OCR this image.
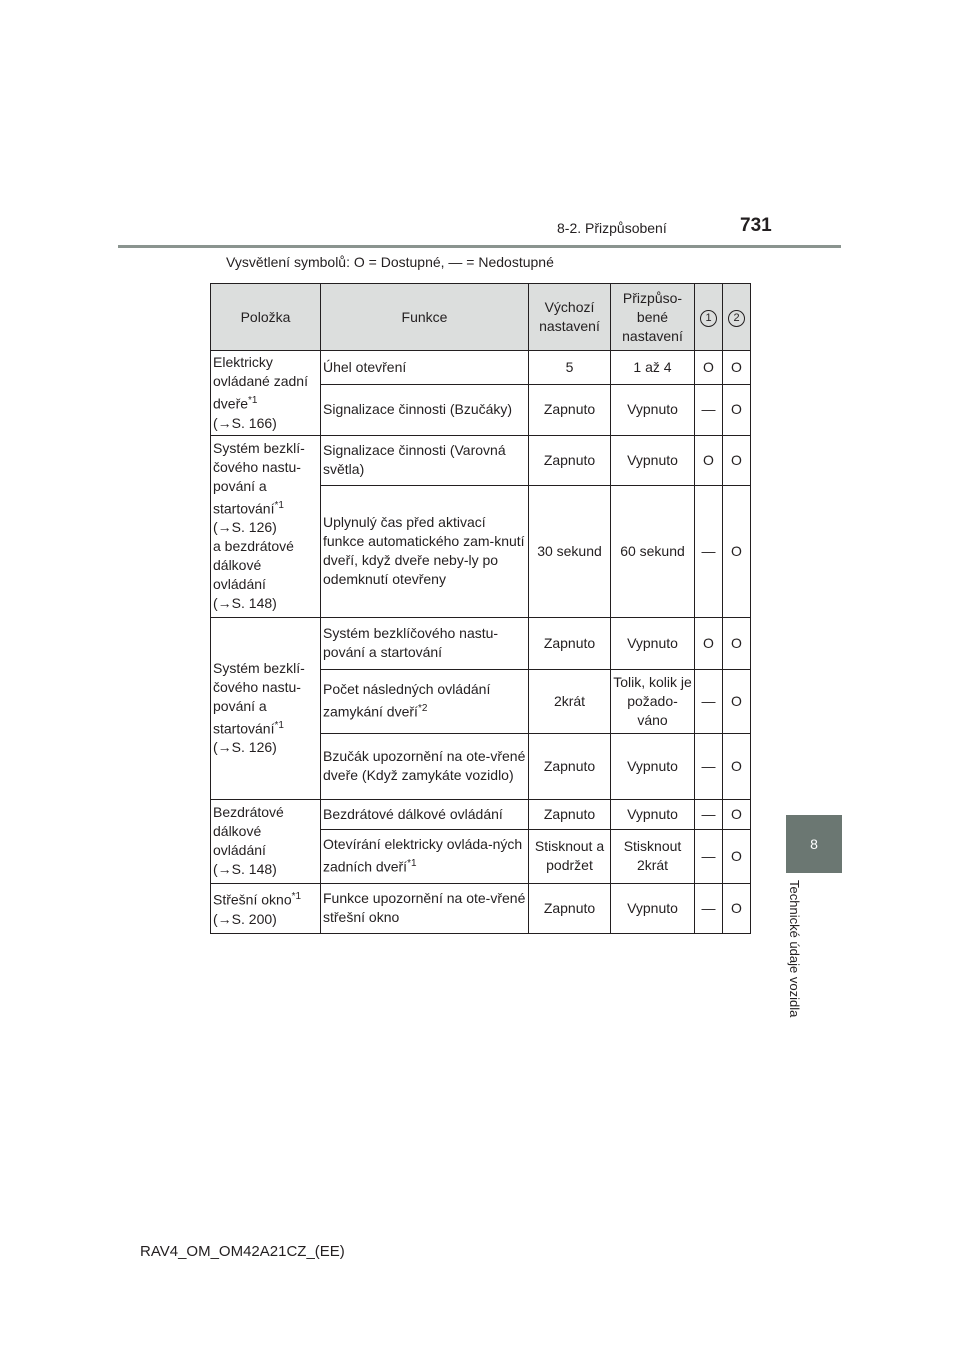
8-2. Přizpůsobení	731
8
Technické údaje vozidla
Vysvětlení symbolů: O = Dostupné, — = Nedostupné
Položka	Funkce	Výchozí nastavení	Přizpůso-bené nastavení	1	2
Elektricky ovládané zadní dveře$^{*1}$
(→S. 166)	Úhel otevření	5	1 až 4	O	O
	Signalizace činnosti (Bzučáky)	Zapnuto	Vypnuto	—	O
Systém bezklí-čového nastu-pování a startování$^{*1}$
(→S. 126)
a bezdrátové dálkové ovládání
(→S. 148)	Signalizace činnosti (Varovná světla)	Zapnuto	Vypnuto	O	O
	Uplynulý čas před aktivací funkce automatického zam-knutí dveří, když dveře neby-ly po odemknutí otevřeny	30 sekund	60 sekund	—	O
Systém bezklí-čového nastu-pování a startování$^{*1}$
(→S. 126)	Systém bezklíčového nastu-pování a startování	Zapnuto	Vypnuto	O	O
	Počet následných ovládání zamykání dveří$^{*2}$	2krát	Tolik, kolik je požado-váno	—	O
	Bzučák upozornění na ote-vřené dveře (Když zamykáte vozidlo)	Zapnuto	Vypnuto	—	O
Bezdrátové dálkové ovládání
(→S. 148)	Bezdrátové dálkové ovládání	Zapnuto	Vypnuto	—	O
	Otevírání elektricky ovláda-ných zadních dveří$^{*1}$	Stisknout a podržet	Stisknout 2krát	—	O
Střešní okno$^{*1}$
(→S. 200)	Funkce upozornění na ote-vřené střešní okno	Zapnuto	Vypnuto	—	O
RAV4_OM_OM42A21CZ_(EE)
